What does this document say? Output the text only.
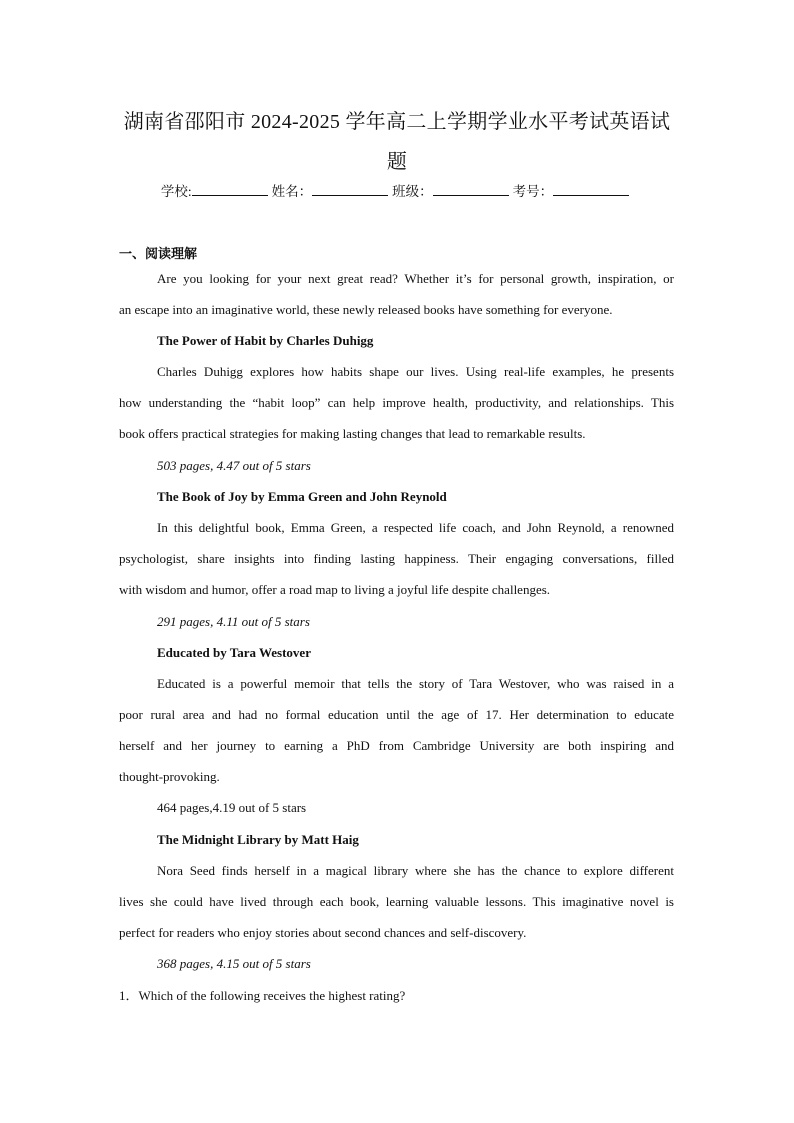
湖南省邵阳市 2024-2025 学年高二上学期学业水平考试英语试
题
学校:	姓名：	班级：	考号：
一、阅读理解
Are you looking for your next great read? Whether it’s for personal growth, inspiration, or
an escape into an imaginative world, these newly released books have something for everyone.
The Power of Habit by Charles Duhigg
Charles Duhigg explores how habits shape our lives. Using real-life examples, he presents
how understanding the “habit loop” can help improve health, productivity, and relationships. This
book offers practical strategies for making lasting changes that lead to remarkable results.
503 pages, 4.47 out of 5 stars
The Book of Joy by Emma Green and John Reynold
In this delightful book, Emma Green, a respected life coach, and John Reynold, a renowned
psychologist, share insights into finding lasting happiness. Their engaging conversations, filled
with wisdom and humor, offer a road map to living a joyful life despite challenges.
291 pages, 4.11 out of 5 stars
Educated by Tara Westover
Educated is a powerful memoir that tells the story of Tara Westover, who was raised in a
poor rural area and had no formal education until the age of 17. Her determination to educate
herself and her journey to earning a PhD from Cambridge University are both inspiring and
thought-provoking.
464 pages,4.19 out of 5 stars
The Midnight Library by Matt Haig
Nora Seed finds herself in a magical library where she has the chance to explore different
lives she could have lived through each book, learning valuable lessons. This imaginative novel is
perfect for readers who enjoy stories about second chances and self-discovery.
368 pages, 4.15 out of 5 stars
1．Which of the following receives the highest rating?
